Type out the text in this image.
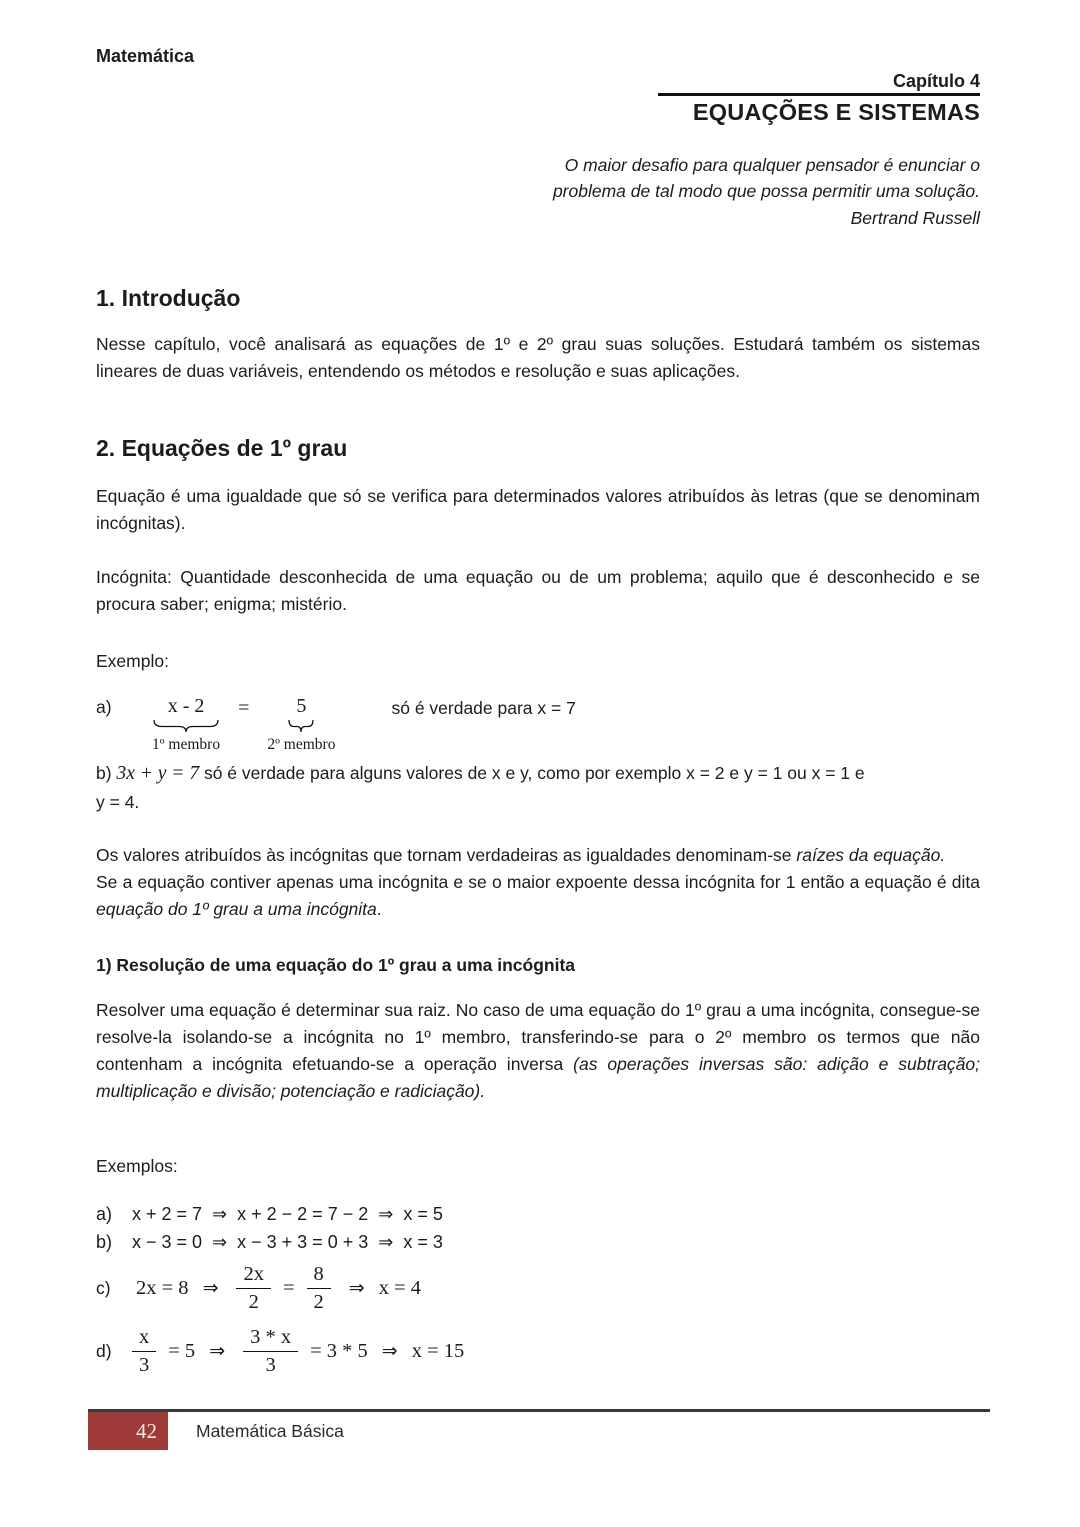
Matemática
Capítulo 4
EQUAÇÕES E SISTEMAS

O maior desafio para qualquer pensador é enunciar o

problema de tal modo que possa permitir uma solução.

Bertrand Russell

1. Introdução

Nesse capítulo, você analisará as equações de 1º e 2º grau suas soluções. Estudará também os sistemas lineares de duas variáveis, entendendo os métodos e resolução e suas aplicações.

2. Equações de 1º grau

Equação é uma igualdade que só se verifica para determinados valores atribuídos às letras (que se denominam incógnitas).

Incógnita: Quantidade desconhecida de uma equação ou de um problema; aquilo que é desconhecido e se procura saber; enigma; mistério.

Exemplo:

a)	x - 2
1º membro
= 5
2º membro
só é verdade para x = 7

b) 3x + y = 7 só é verdade para alguns valores de x e y, como por exemplo x = 2 e y = 1 ou x = 1 e

y = 4.

Os valores atribuídos às incógnitas que tornam verdadeiras as igualdades denominam-se raízes da equação.

Se a equação contiver apenas uma incógnita e se o maior expoente dessa incógnita for 1 então a equação é dita equação do 1º grau a uma incógnita.

1) Resolução de uma equação do 1º grau a uma incógnita

Resolver uma equação é determinar sua raiz. No caso de uma equação do 1º grau a uma incógnita, consegue-se resolve-la isolando-se a incógnita no 1º membro, transferindo-se para o 2º membro os termos que não contenham a incógnita efetuando-se a operação inversa (as operações inversas são: adição e subtração; multiplicação e divisão; potenciação e radiciação).

Exemplos:

a)	x + 2 = 7  ⇒  x + 2 − 2 = 7 − 2  ⇒  x = 5
b)	x − 3 = 0  ⇒  x − 3 + 3 = 0 + 3  ⇒  x = 3
c)	2x = 8 ⇒ $\frac{2x}{2} = \frac{8}{2}$ ⇒ x = 4
$d) \frac{x}{3} = 5$ ⇒ $\frac{3 * x}{3} = 3 * 5$ ⇒ x = 15
42 Matemática Básica
